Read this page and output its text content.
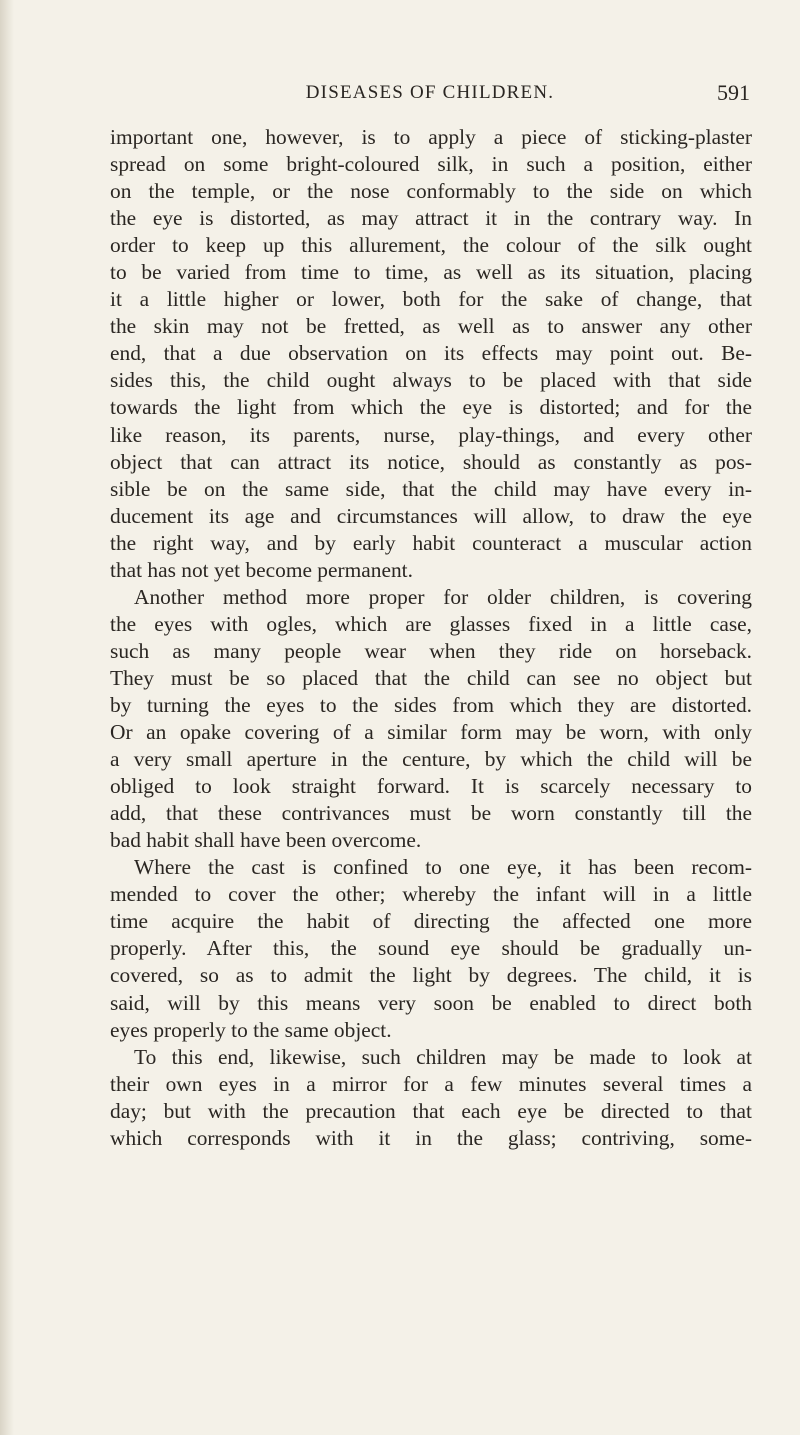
DISEASES OF CHILDREN.	591
important one, however, is to apply a piece of sticking-plaster
spread on some bright-coloured silk, in such a position, either
on the temple, or the nose conformably to the side on which
the eye is distorted, as may attract it in the contrary way. In
order to keep up this allurement, the colour of the silk ought
to be varied from time to time, as well as its situation, placing
it a little higher or lower, both for the sake of change, that
the skin may not be fretted, as well as to answer any other
end, that a due observation on its effects may point out. Be-
sides this, the child ought always to be placed with that side
towards the light from which the eye is distorted; and for the
like reason, its parents, nurse, play-things, and every other
object that can attract its notice, should as constantly as pos-
sible be on the same side, that the child may have every in-
ducement its age and circumstances will allow, to draw the eye
the right way, and by early habit counteract a muscular action
that has not yet become permanent.
Another method more proper for older children, is covering
the eyes with ogles, which are glasses fixed in a little case,
such as many people wear when they ride on horseback.
They must be so placed that the child can see no object but
by turning the eyes to the sides from which they are distorted.
Or an opake covering of a similar form may be worn, with only
a very small aperture in the centure, by which the child will be
obliged to look straight forward. It is scarcely necessary to
add, that these contrivances must be worn constantly till the
bad habit shall have been overcome.
Where the cast is confined to one eye, it has been recom-
mended to cover the other; whereby the infant will in a little
time acquire the habit of directing the affected one more
properly. After this, the sound eye should be gradually un-
covered, so as to admit the light by degrees. The child, it is
said, will by this means very soon be enabled to direct both
eyes properly to the same object.
To this end, likewise, such children may be made to look at
their own eyes in a mirror for a few minutes several times a
day; but with the precaution that each eye be directed to that
which corresponds with it in the glass; contriving, some-
